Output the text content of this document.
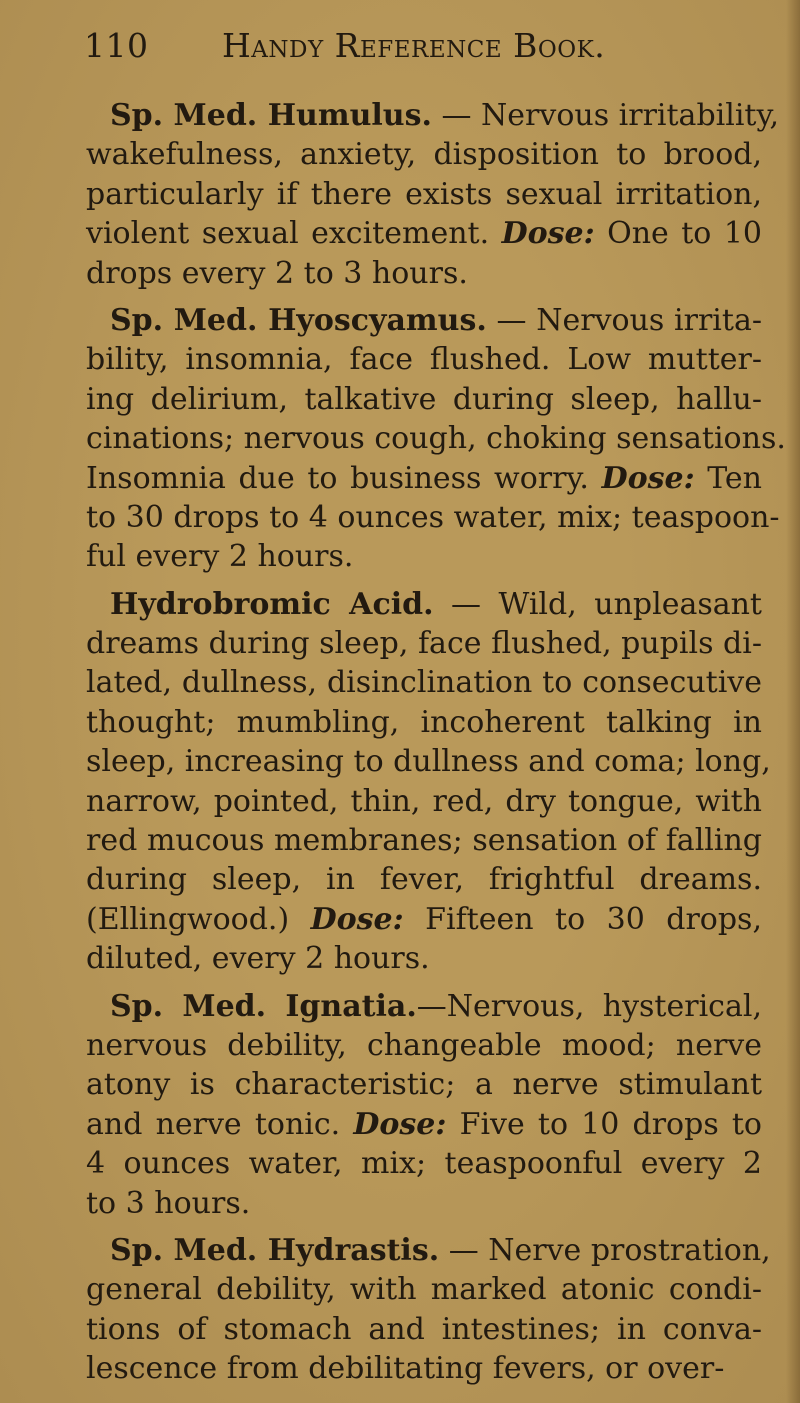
110 Handy Reference Book.
Sp. Med. Humulus. — Nervous irritability,
wakefulness, anxiety, disposition to brood,
particularly if there exists sexual irritation,
violent sexual excitement. Dose: One to 10
drops every 2 to 3 hours.
Sp. Med. Hyoscyamus. — Nervous irrita-
bility, insomnia, face flushed. Low mutter-
ing delirium, talkative during sleep, hallu-
cinations; nervous cough, choking sensations.
Insomnia due to business worry. Dose: Ten
to 30 drops to 4 ounces water, mix; teaspoon-
ful every 2 hours.
Hydrobromic Acid. — Wild, unpleasant
dreams during sleep, face flushed, pupils di-
lated, dullness, disinclination to consecutive
thought; mumbling, incoherent talking in
sleep, increasing to dullness and coma; long,
narrow, pointed, thin, red, dry tongue, with
red mucous membranes; sensation of falling
during sleep, in fever, frightful dreams.
(Ellingwood.) Dose: Fifteen to 30 drops,
diluted, every 2 hours.
Sp. Med. Ignatia.—Nervous, hysterical,
nervous debility, changeable mood; nerve
atony is characteristic; a nerve stimulant
and nerve tonic. Dose: Five to 10 drops to
4 ounces water, mix; teaspoonful every 2
to 3 hours.
Sp. Med. Hydrastis. — Nerve prostration,
general debility, with marked atonic condi-
tions of stomach and intestines; in conva-
lescence from debilitating fevers, or over-
